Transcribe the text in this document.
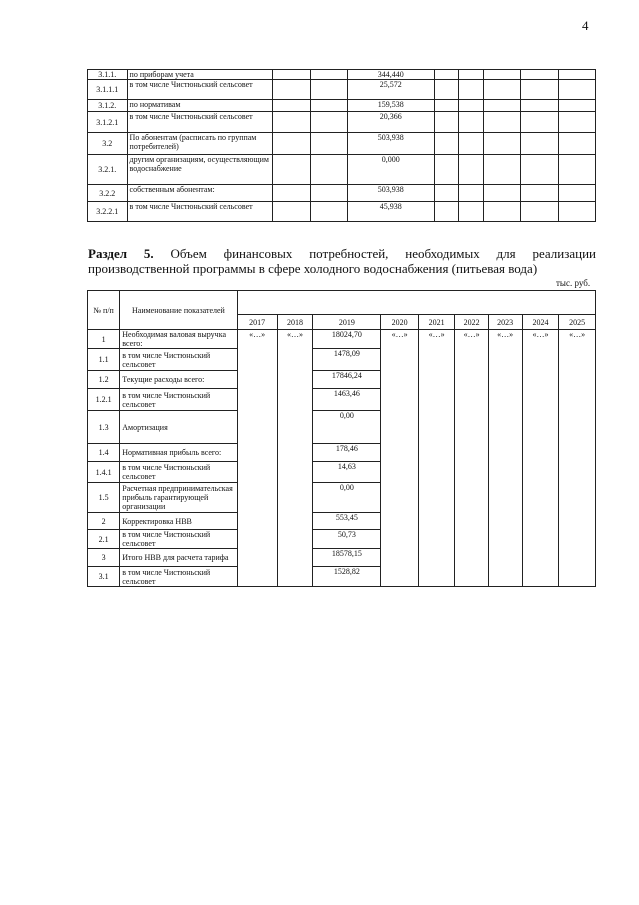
4
3.1.1.	по приборам учета			344,440					
3.1.1.1	в том числе Чистюньский сельсовет			25,572					
3.1.2.	по нормативам			159,538					
3.1.2.1	в том числе Чистюньский сельсовет			20,366					
3.2	По абонентам (расписать по группам потребителей)			503,938					
3.2.1.	другим организациям, осуществляющим водоснабжение			0,000					
3.2.2	собственным абонентам:			503,938					
3.2.2.1	в том числе Чистюньский сельсовет			45,938					
Раздел 5. Объем финансовых потребностей, необходимых для реализации производственной программы в сфере холодного водоснабжения (питьевая вода)
тыс. руб.
№ п/п	Наименование показателей									
		2017	2018	2019	2020	2021	2022	2023	2024	2025
1	Необходимая валовая выручка всего:	«…»	«…»	18024,70	«…»	«…»	«…»	«…»	«…»	«…»
1.1	в том числе Чистюньский сельсовет			1478,09						
1.2	Текущие расходы всего:			17846,24						
1.2.1	в том числе Чистюньский сельсовет			1463,46						
1.3	Амортизация			0,00						
1.4	Нормативная прибыль всего:			178,46						
1.4.1	в том числе Чистюньский сельсовет			14,63						
1.5	Расчетная предпринимательская прибыль гарантирующей организации			0,00						
2	Корректировка НВВ			553,45						
2.1	в том числе Чистюньский сельсовет			50,73						
3	Итого НВВ для расчета тарифа			18578,15						
3.1	в том числе Чистюньский сельсовет			1528,82						
